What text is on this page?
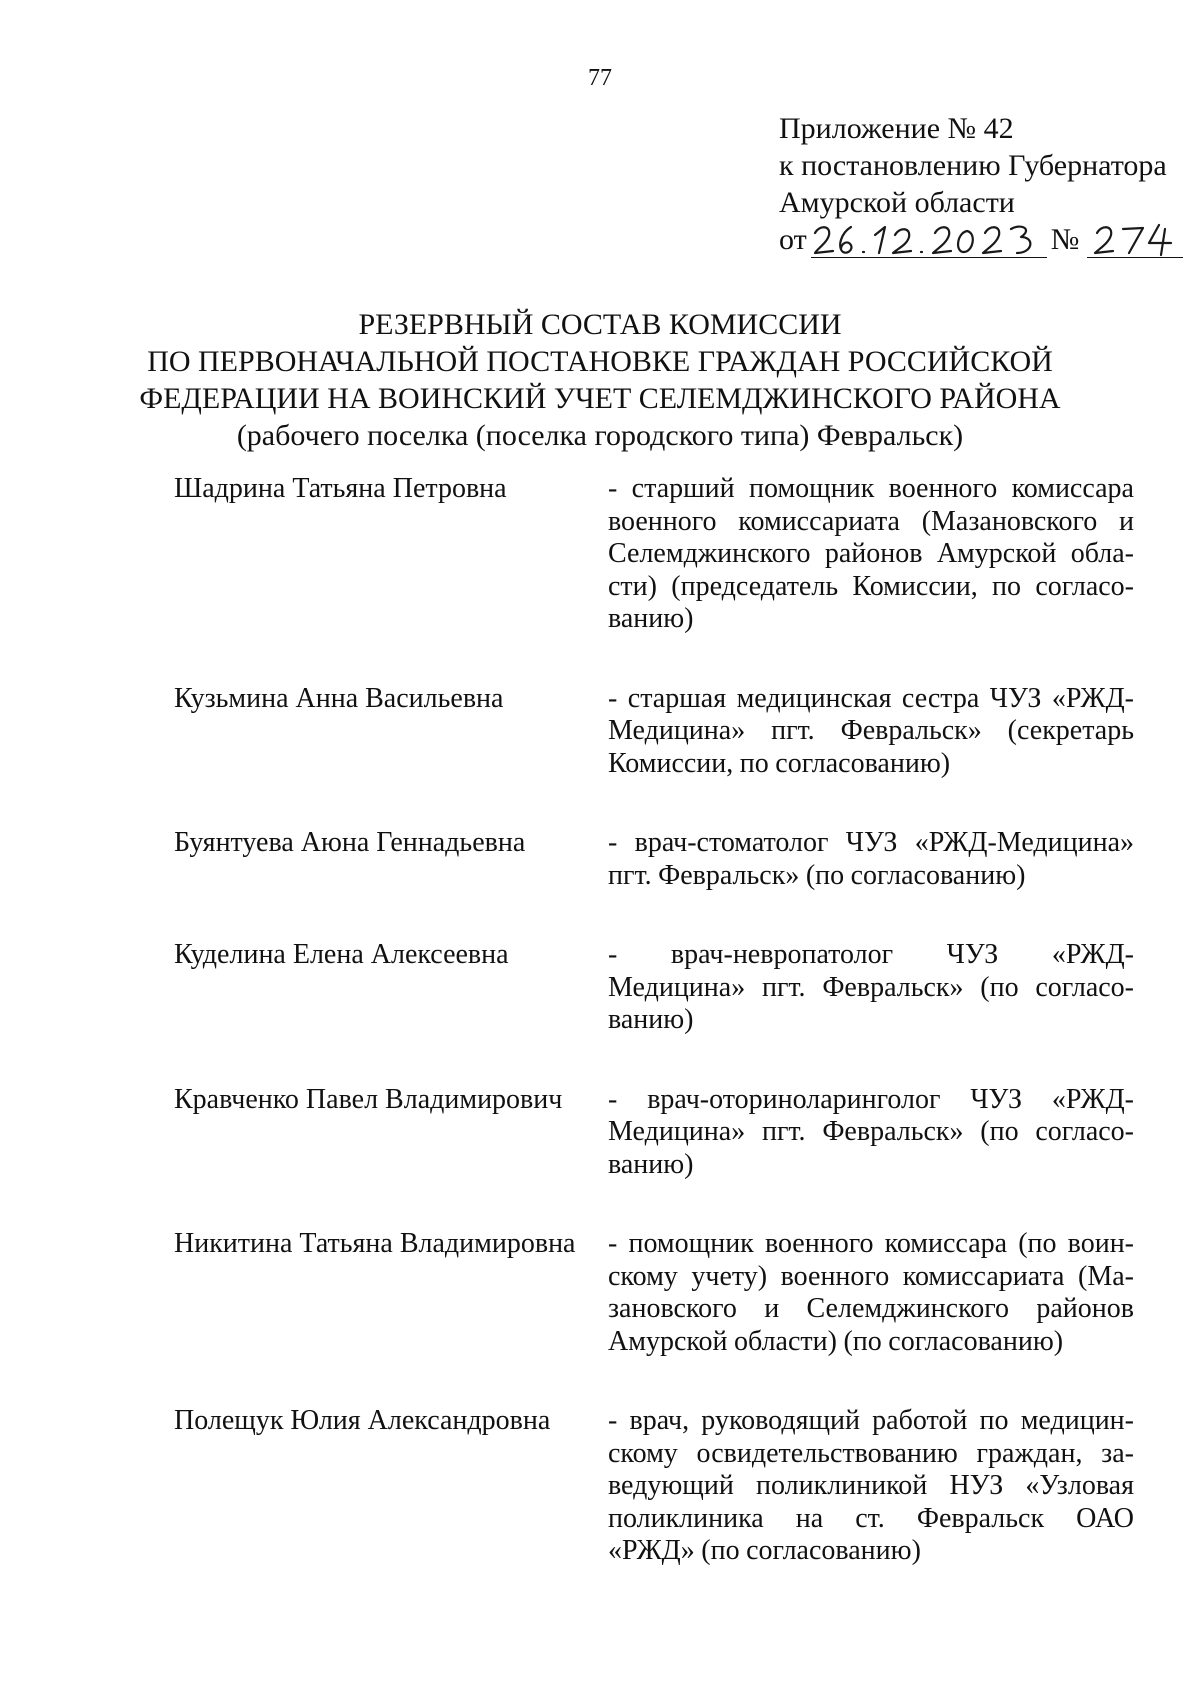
77
Приложение № 42
к постановлению Губернатора
Амурской области
от	№
РЕЗЕРВНЫЙ СОСТАВ КОМИССИИ
ПО ПЕРВОНАЧАЛЬНОЙ ПОСТАНОВКЕ ГРАЖДАН РОССИЙСКОЙ
ФЕДЕРАЦИИ НА ВОИНСКИЙ УЧЕТ СЕЛЕМДЖИНСКОГО РАЙОНА
(рабочего поселка (поселка городского типа) Февральск)
Шадрина Татьяна Петровна	- старший помощник военного комиссара
военного комиссариата (Мазановского и
Селемджинского районов Амурской обла-
сти) (председатель Комиссии, по согласо-
ванию)
Кузьмина Анна Васильевна	- старшая медицинская сестра ЧУЗ «РЖД-
Медицина» пгт. Февральск» (секретарь
Комиссии, по согласованию)
Буянтуева Аюна Геннадьевна	- врач-стоматолог ЧУЗ «РЖД-Медицина»
пгт. Февральск» (по согласованию)
Куделина Елена Алексеевна	- врач-невропатолог ЧУЗ «РЖД-
Медицина» пгт. Февральск» (по согласо-
ванию)
Кравченко Павел Владимирович	- врач-оториноларинголог ЧУЗ «РЖД-
Медицина» пгт. Февральск» (по согласо-
ванию)
Никитина Татьяна Владимировна	- помощник военного комиссара (по воин-
скому учету) военного комиссариата (Ма-
зановского и Селемджинского районов
Амурской области) (по согласованию)
Полещук Юлия Александровна	- врач, руководящий работой по медицин-
скому освидетельствованию граждан, за-
ведующий поликлиникой НУЗ «Узловая
поликлиника на ст. Февральск ОАО
«РЖД» (по согласованию)
